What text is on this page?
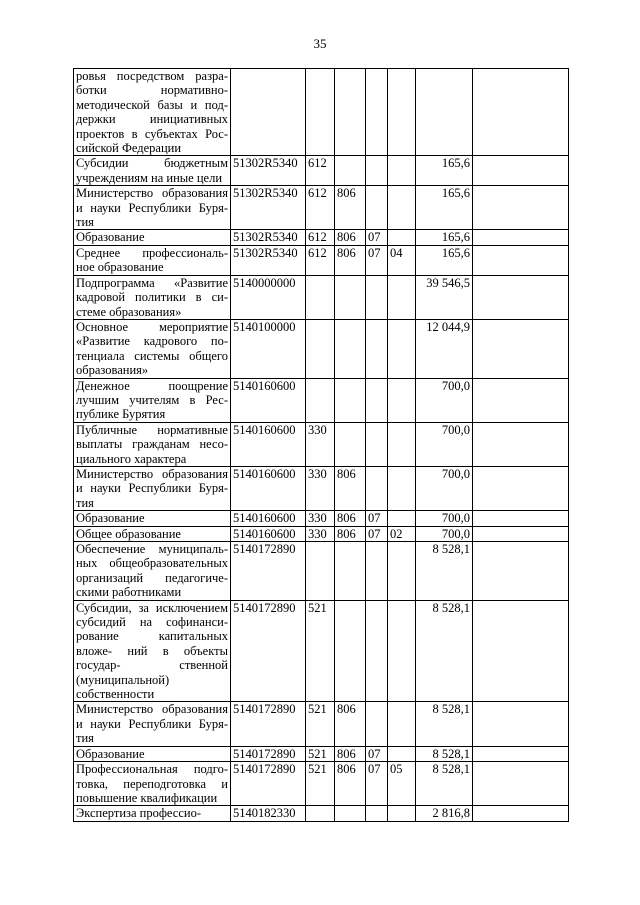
35
ровья посредством разра- ботки нормативно- методической базы и под- держки инициативных проектов в субъектах Рос- сийской Федерации							
Субсидии бюджетным учреждениям на иные цели	51302R5340	612				165,6	
Министерство образования и науки Республики Буря- тия	51302R5340	612	806			165,6	
Образование	51302R5340	612	806	07		165,6	
Среднее профессиональ- ное образование	51302R5340	612	806	07	04	165,6	
Подпрограмма «Развитие кадровой политики в си- стеме образования»	5140000000					39 546,5	
Основное мероприятие «Развитие кадрового по- тенциала системы общего образования»	5140100000					12 044,9	
Денежное поощрение лучшим учителям в Рес- публике Бурятия	5140160600					700,0	
Публичные нормативные выплаты гражданам несо- циального характера	5140160600	330				700,0	
Министерство образования и науки Республики Буря- тия	5140160600	330	806			700,0	
Образование	5140160600	330	806	07		700,0	
Общее образование	5140160600	330	806	07	02	700,0	
Обеспечение муниципаль- ных общеобразовательных организаций педагогиче- скими работниками	5140172890					8 528,1	
Субсидии, за исключением субсидий на софинанси- рование капитальных вложе- ний в объекты государ- ственной (муниципальной) собственности	5140172890	521				8 528,1	
Министерство образования и науки Республики Буря- тия	5140172890	521	806			8 528,1	
Образование	5140172890	521	806	07		8 528,1	
Профессиональная подго- товка, переподготовка и повышение квалификации	5140172890	521	806	07	05	8 528,1	
Экспертиза профессио-	5140182330					2 816,8	
